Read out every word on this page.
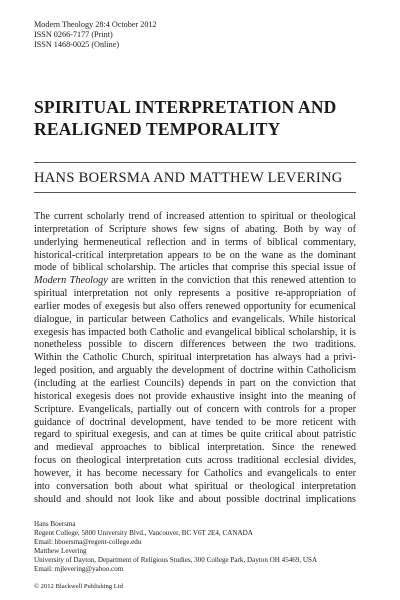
Modern Theology 28:4 October 2012
ISSN 0266-7177 (Print)
ISSN 1468-0025 (Online)
SPIRITUAL INTERPRETATION AND
REALIGNED TEMPORALITY
HANS BOERSMA AND MATTHEW LEVERING
The current scholarly trend of increased attention to spiritual or theological
interpretation of Scripture shows few signs of abating. Both by way of
underlying hermeneutical reflection and in terms of biblical commentary,
historical-critical interpretation appears to be on the wane as the dominant
mode of biblical scholarship. The articles that comprise this special issue of
Modern Theology are written in the conviction that this renewed attention to
spiritual interpretation not only represents a positive re-appropriation of
earlier modes of exegesis but also offers renewed opportunity for ecumenical
dialogue, in particular between Catholics and evangelicals. While historical
exegesis has impacted both Catholic and evangelical biblical scholarship, it is
nonetheless possible to discern differences between the two traditions.
Within the Catholic Church, spiritual interpretation has always had a privi-
leged position, and arguably the development of doctrine within Catholicism
(including at the earliest Councils) depends in part on the conviction that
historical exegesis does not provide exhaustive insight into the meaning of
Scripture. Evangelicals, partially out of concern with controls for a proper
guidance of doctrinal development, have tended to be more reticent with
regard to spiritual exegesis, and can at times be quite critical about patristic
and medieval approaches to biblical interpretation. Since the renewed
focus on theological interpretation cuts across traditional ecclesial divides,
however, it has become necessary for Catholics and evangelicals to enter
into conversation both about what spiritual or theological interpretation
should and should not look like and about possible doctrinal implications
Hans Boersma
Regent College, 5800 University Blvd., Vancouver, BC V6T 2E4, CANADA
Email: hboersma@regent-college.edu
Matthew Levering
University of Dayton, Department of Religious Studies, 300 College Park, Dayton OH 45469, USA
Email: mjlevering@yahoo.com
© 2012 Blackwell Publishing Ltd
